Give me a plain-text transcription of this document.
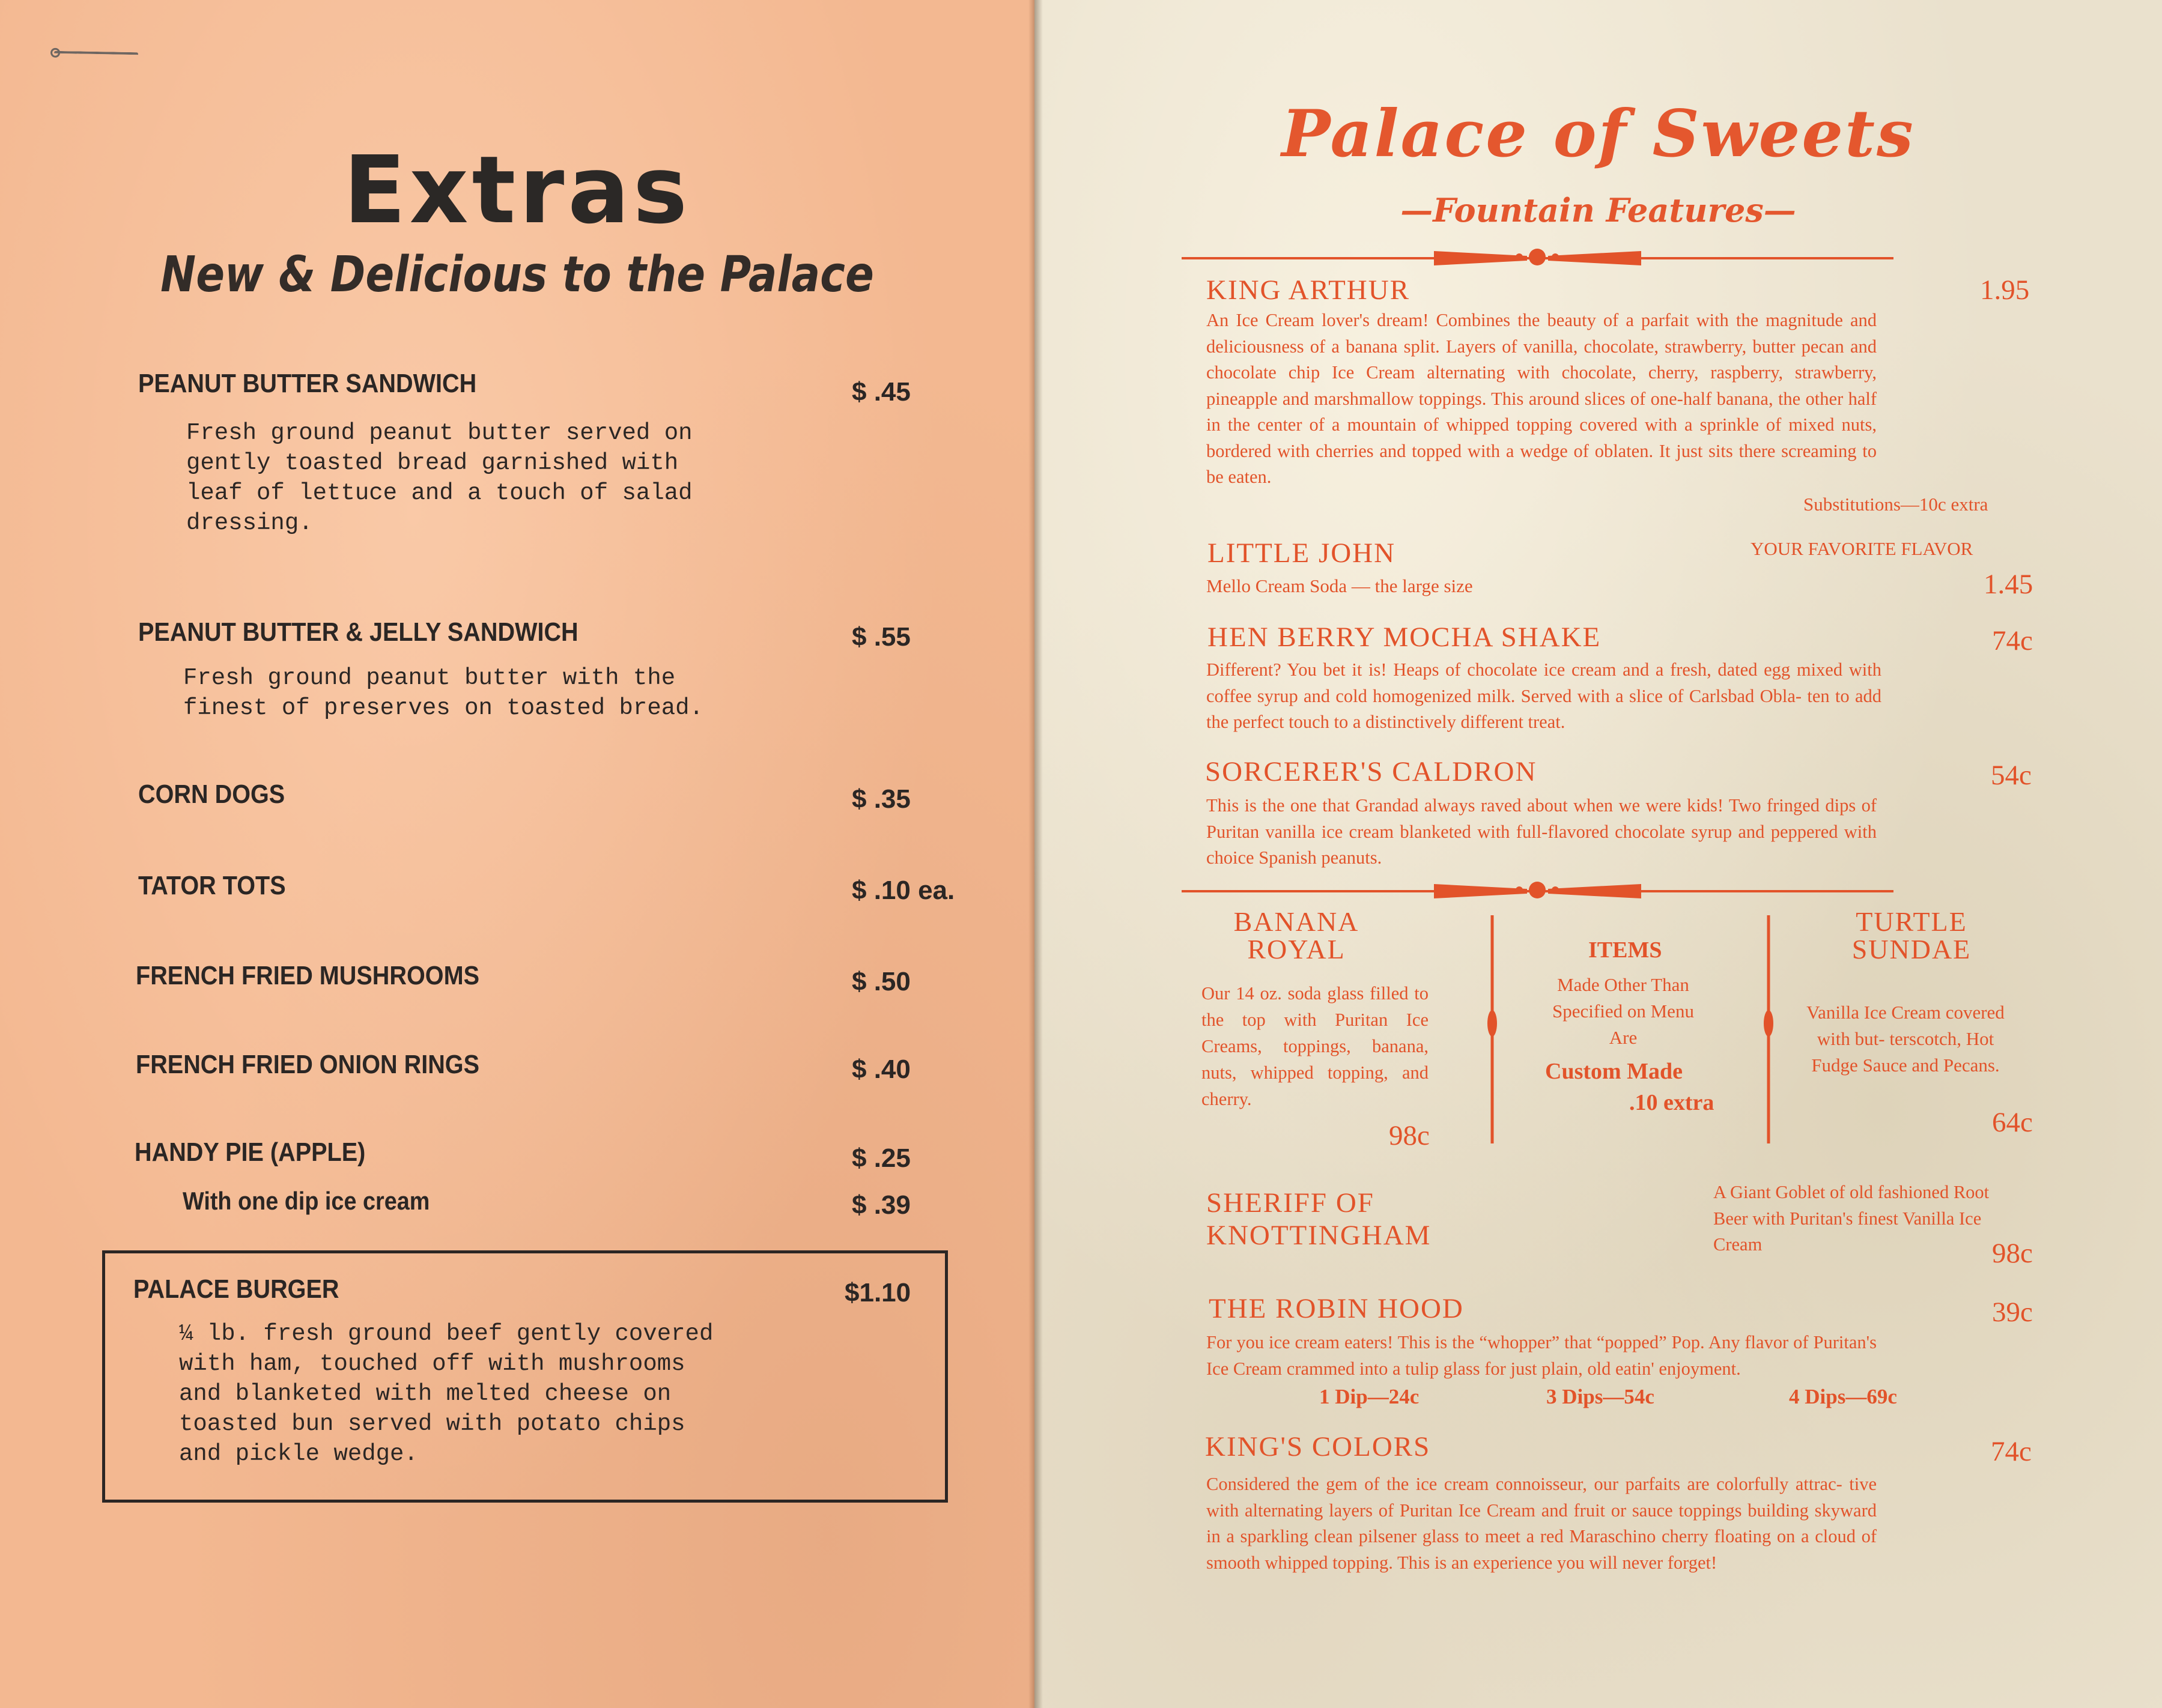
Extras
New & Delicious to the Palace
PEANUT BUTTER SANDWICH	$ .45
Fresh ground peanut butter served on
gently toasted bread garnished with
leaf of lettuce and a touch of salad
dressing.
PEANUT BUTTER & JELLY SANDWICH	$ .55
Fresh ground peanut butter with the
finest of preserves on toasted bread.
CORN DOGS	$ .35
TATOR TOTS	$ .10 ea.
FRENCH FRIED MUSHROOMS	$ .50
FRENCH FRIED ONION RINGS	$ .40
HANDY PIE (APPLE)	$ .25
With one dip ice cream	$ .39
PALACE BURGER	$1.10
¼ lb. fresh ground beef gently covered
with ham, touched off with mushrooms
and blanketed with melted cheese on
toasted bun served with potato chips
and pickle wedge.
Palace of Sweets
—Fountain Features—
KING ARTHUR	1.95
An Ice Cream lover's dream! Combines the beauty of a parfait with the magnitude and deliciousness of a banana split. Layers of vanilla, chocolate, strawberry, butter pecan and chocolate chip Ice Cream alternating with chocolate, cherry, raspberry, strawberry, pineapple and marshmallow toppings. This around slices of one-half banana, the other half in the center of a mountain of whipped topping covered with a sprinkle of mixed nuts, bordered with cherries and topped with a wedge of oblaten. It just sits there screaming to be eaten.
Substitutions—10c extra
LITTLE JOHN	YOUR FAVORITE FLAVOR
Mello Cream Soda — the large size	1.45
HEN BERRY MOCHA SHAKE	74c
Different? You bet it is! Heaps of chocolate ice cream and a fresh, dated egg mixed with coffee syrup and cold homogenized milk. Served with a slice of Carlsbad Obla- ten to add the perfect touch to a distinctively different treat.
SORCERER'S CALDRON	54c
This is the one that Grandad always raved about when we were kids! Two fringed dips of Puritan vanilla ice cream blanketed with full-flavored chocolate syrup and peppered with choice Spanish peanuts.
BANANA
ROYAL
Our 14 oz. soda glass filled to the top with Puritan Ice Creams, toppings, banana, nuts, whipped topping, and cherry.
98c
ITEMS
Made Other Than
Specified on Menu
Are
Custom Made
.10 extra
TURTLE
SUNDAE
Vanilla Ice Cream covered with but- terscotch, Hot Fudge Sauce and Pecans.
64c
SHERIFF OF
KNOTTINGHAM
A Giant Goblet of old fashioned Root Beer with Puritan's finest Vanilla Ice Cream	98c
THE ROBIN HOOD	39c
For you ice cream eaters! This is the “whopper” that “popped” Pop. Any flavor of Puritan's Ice Cream crammed into a tulip glass for just plain, old eatin' enjoyment.
1 Dip—24c	3 Dips—54c	4 Dips—69c
KING'S COLORS	74c
Considered the gem of the ice cream connoisseur, our parfaits are colorfully attrac- tive with alternating layers of Puritan Ice Cream and fruit or sauce toppings building skyward in a sparkling clean pilsener glass to meet a red Maraschino cherry floating on a cloud of smooth whipped topping. This is an experience you will never forget!
